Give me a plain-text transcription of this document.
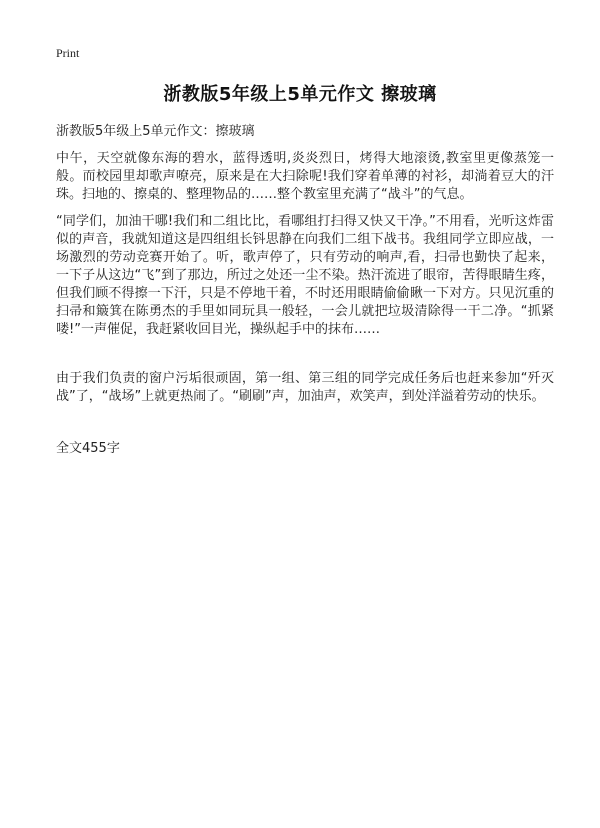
Print
浙教版5年级上5单元作文 擦玻璃
浙教版5年级上5单元作文：擦玻璃

中午，天空就像东海的碧水，蓝得透明,炎炎烈日，烤得大地滚烫,教室里更像蒸笼一般。而校园里却歌声嘹亮，原来是在大扫除呢!我们穿着单薄的衬衫，却淌着豆大的汗珠。扫地的、擦桌的、整理物品的……整个教室里充满了“战斗”的气息。

“同学们，加油干哪!我们和二组比比，看哪组打扫得又快又干净。”不用看，光听这炸雷似的声音，我就知道这是四组组长钭思静在向我们二组下战书。我组同学立即应战，一场激烈的劳动竞赛开始了。听，歌声停了，只有劳动的响声,看，扫帚也勤快了起来，一下子从这边“飞”到了那边，所过之处还一尘不染。热汗流进了眼帘，苦得眼睛生疼，但我们顾不得擦一下汗，只是不停地干着，不时还用眼睛偷偷瞅一下对方。只见沉重的扫帚和簸箕在陈勇杰的手里如同玩具一般轻，一会儿就把垃圾清除得一干二净。“抓紧喽!”一声催促，我赶紧收回目光，操纵起手中的抹布……

由于我们负责的窗户污垢很顽固，第一组、第三组的同学完成任务后也赶来参加“歼灭战”了，“战场”上就更热闹了。“刷刷”声，加油声，欢笑声，到处洋溢着劳动的快乐。

全文455字
